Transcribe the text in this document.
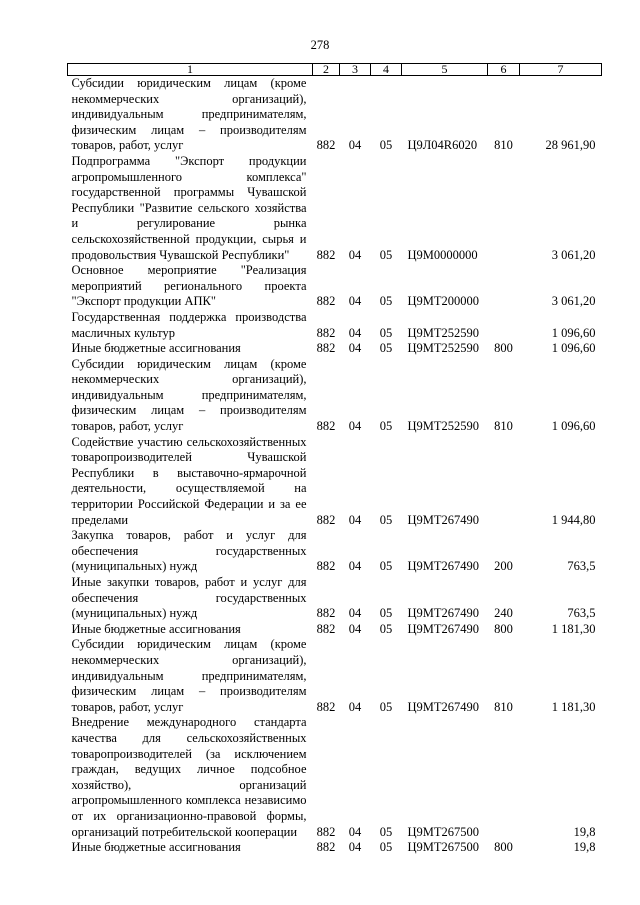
278
1	2	3	4	5	6	7
Субсидии юридическим лицам (кроме некоммерческих организаций), индивидуальным предпринимателям, физическим лицам – производителям товаров, работ, услуг	882	04	05	Ц9Л04R6020	810	28 961,90
Подпрограмма "Экспорт продукции агропромышленного комплекса" государственной программы Чувашской Республики "Развитие сельского хозяйства и регулирование рынка сельскохозяйственной продукции, сырья и продовольствия Чувашской Республики"	882	04	05	Ц9М0000000		3 061,20
Основное мероприятие "Реализация мероприятий регионального проекта "Экспорт продукции АПК"	882	04	05	Ц9МТ200000		3 061,20
Государственная поддержка производства масличных культур	882	04	05	Ц9МТ252590		1 096,60
Иные бюджетные ассигнования	882	04	05	Ц9МТ252590	800	1 096,60
Субсидии юридическим лицам (кроме некоммерческих организаций), индивидуальным предпринимателям, физическим лицам – производителям товаров, работ, услуг	882	04	05	Ц9МТ252590	810	1 096,60
Содействие участию сельскохозяйственных товаропроизводителей Чувашской Республики в выставочно-ярмарочной деятельности, осуществляемой на территории Российской Федерации и за ее пределами	882	04	05	Ц9МТ267490		1 944,80
Закупка товаров, работ и услуг для обеспечения государственных (муниципальных) нужд	882	04	05	Ц9МТ267490	200	763,5
Иные закупки товаров, работ и услуг для обеспечения государственных (муниципальных) нужд	882	04	05	Ц9МТ267490	240	763,5
Иные бюджетные ассигнования	882	04	05	Ц9МТ267490	800	1 181,30
Субсидии юридическим лицам (кроме некоммерческих организаций), индивидуальным предпринимателям, физическим лицам – производителям товаров, работ, услуг	882	04	05	Ц9МТ267490	810	1 181,30
Внедрение международного стандарта качества для сельскохозяйственных товаропроизводителей (за исключением граждан, ведущих личное подсобное хозяйство), организаций агропромышленного комплекса независимо от их организационно-правовой формы, организаций потребительской кооперации	882	04	05	Ц9МТ267500		19,8
Иные бюджетные ассигнования	882	04	05	Ц9МТ267500	800	19,8
